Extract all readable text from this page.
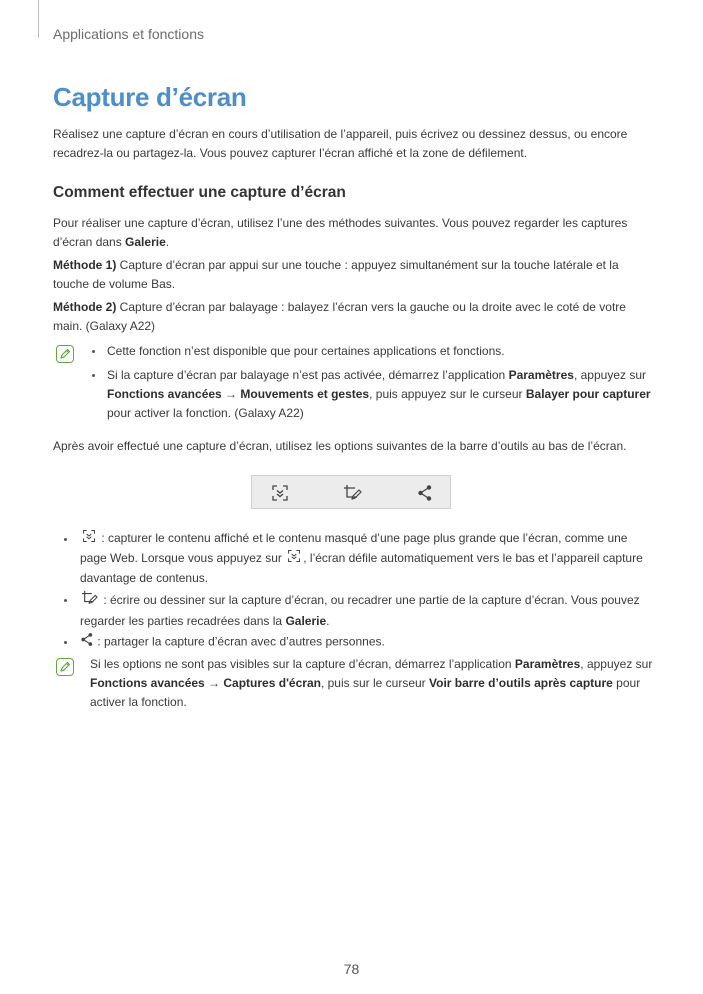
Applications et fonctions
Capture d’écran
Réalisez une capture d’écran en cours d’utilisation de l’appareil, puis écrivez ou dessinez dessus, ou encore recadrez-la ou partagez-la. Vous pouvez capturer l’écran affiché et la zone de défilement.
Comment effectuer une capture d’écran
Pour réaliser une capture d’écran, utilisez l’une des méthodes suivantes. Vous pouvez regarder les captures d’écran dans Galerie.
Méthode 1) Capture d’écran par appui sur une touche : appuyez simultanément sur la touche latérale et la touche de volume Bas.
Méthode 2) Capture d’écran par balayage : balayez l’écran vers la gauche ou la droite avec le coté de votre main. (Galaxy A22)
Cette fonction n’est disponible que pour certaines applications et fonctions.
Si la capture d’écran par balayage n’est pas activée, démarrez l’application Paramètres, appuyez sur Fonctions avancées → Mouvements et gestes, puis appuyez sur le curseur Balayer pour capturer pour activer la fonction. (Galaxy A22)
Après avoir effectué une capture d’écran, utilisez les options suivantes de la barre d’outils au bas de l’écran.
: capturer le contenu affiché et le contenu masqué d’une page plus grande que l’écran, comme une page Web. Lorsque vous appuyez sur , l’écran défile automatiquement vers le bas et l’appareil capture davantage de contenus.
: écrire ou dessiner sur la capture d’écran, ou recadrer une partie de la capture d’écran. Vous pouvez regarder les parties recadrées dans la Galerie.
: partager la capture d’écran avec d’autres personnes.
Si les options ne sont pas visibles sur la capture d’écran, démarrez l’application Paramètres, appuyez sur Fonctions avancées → Captures d'écran, puis sur le curseur Voir barre d’outils après capture pour activer la fonction.
78
